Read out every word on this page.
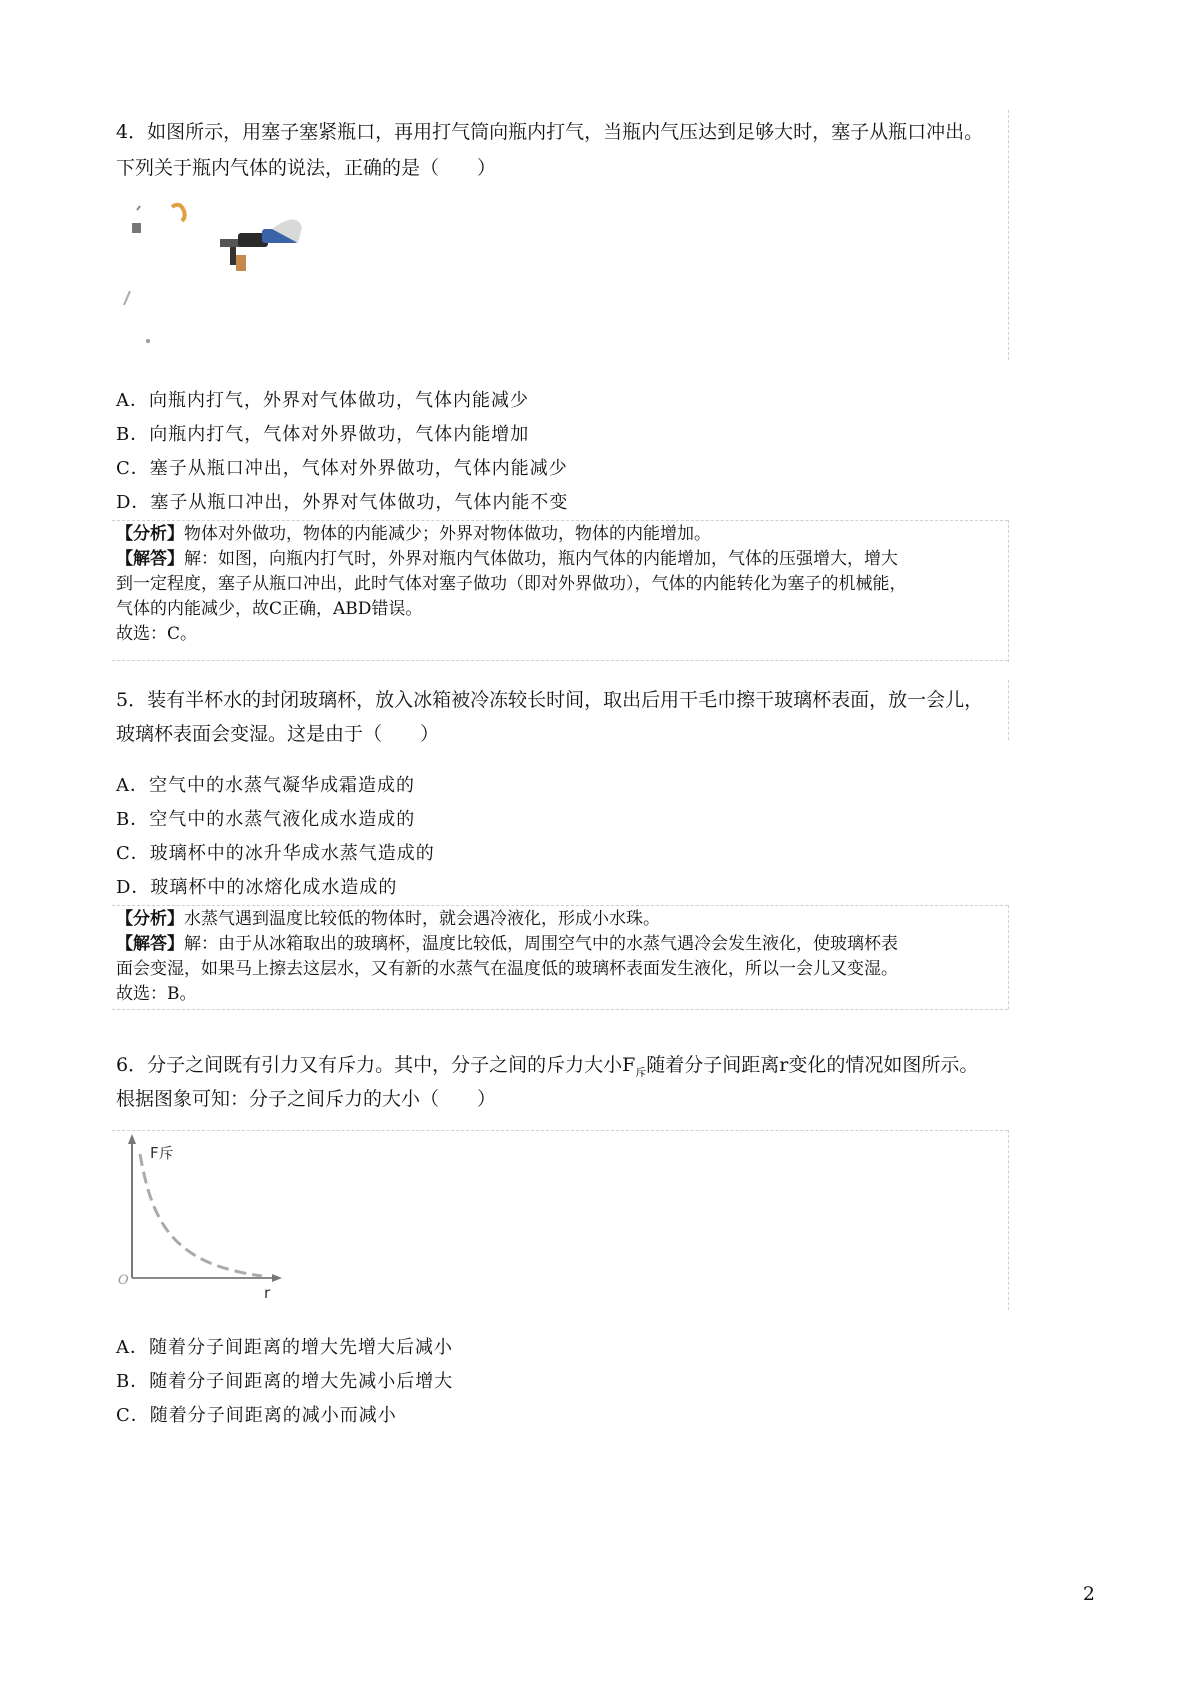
4．如图所示，用塞子塞紧瓶口，再用打气筒向瓶内打气，当瓶内气压达到足够大时，塞子从瓶口冲出。
下列关于瓶内气体的说法，正确的是（　　）
A．向瓶内打气，外界对气体做功，气体内能减少
B．向瓶内打气，气体对外界做功，气体内能增加
C．塞子从瓶口冲出，气体对外界做功，气体内能减少
D．塞子从瓶口冲出，外界对气体做功，气体内能不变
【分析】物体对外做功，物体的内能减少；外界对物体做功，物体的内能增加。
【解答】解：如图，向瓶内打气时，外界对瓶内气体做功，瓶内气体的内能增加，气体的压强增大，增大
到一定程度，塞子从瓶口冲出，此时气体对塞子做功（即对外界做功），气体的内能转化为塞子的机械能，
气体的内能减少，故C正确，ABD错误。
故选：C。
5．装有半杯水的封闭玻璃杯，放入冰箱被冷冻较长时间，取出后用干毛巾擦干玻璃杯表面，放一会儿，
玻璃杯表面会变湿。这是由于（　　）
A．空气中的水蒸气凝华成霜造成的
B．空气中的水蒸气液化成水造成的
C．玻璃杯中的冰升华成水蒸气造成的
D．玻璃杯中的冰熔化成水造成的
【分析】水蒸气遇到温度比较低的物体时，就会遇冷液化，形成小水珠。
【解答】解：由于从冰箱取出的玻璃杯，温度比较低，周围空气中的水蒸气遇冷会发生液化，使玻璃杯表
面会变湿，如果马上擦去这层水，又有新的水蒸气在温度低的玻璃杯表面发生液化，所以一会儿又变湿。
故选：B。
6．分子之间既有引力又有斥力。其中，分子之间的斥力大小$F_斥$随着分子间距离r变化的情况如图所示。
根据图象可知：分子之间斥力的大小（　　）
F斥
r
O
A．随着分子间距离的增大先增大后减小
B．随着分子间距离的增大先减小后增大
C．随着分子间距离的减小而减小
2
